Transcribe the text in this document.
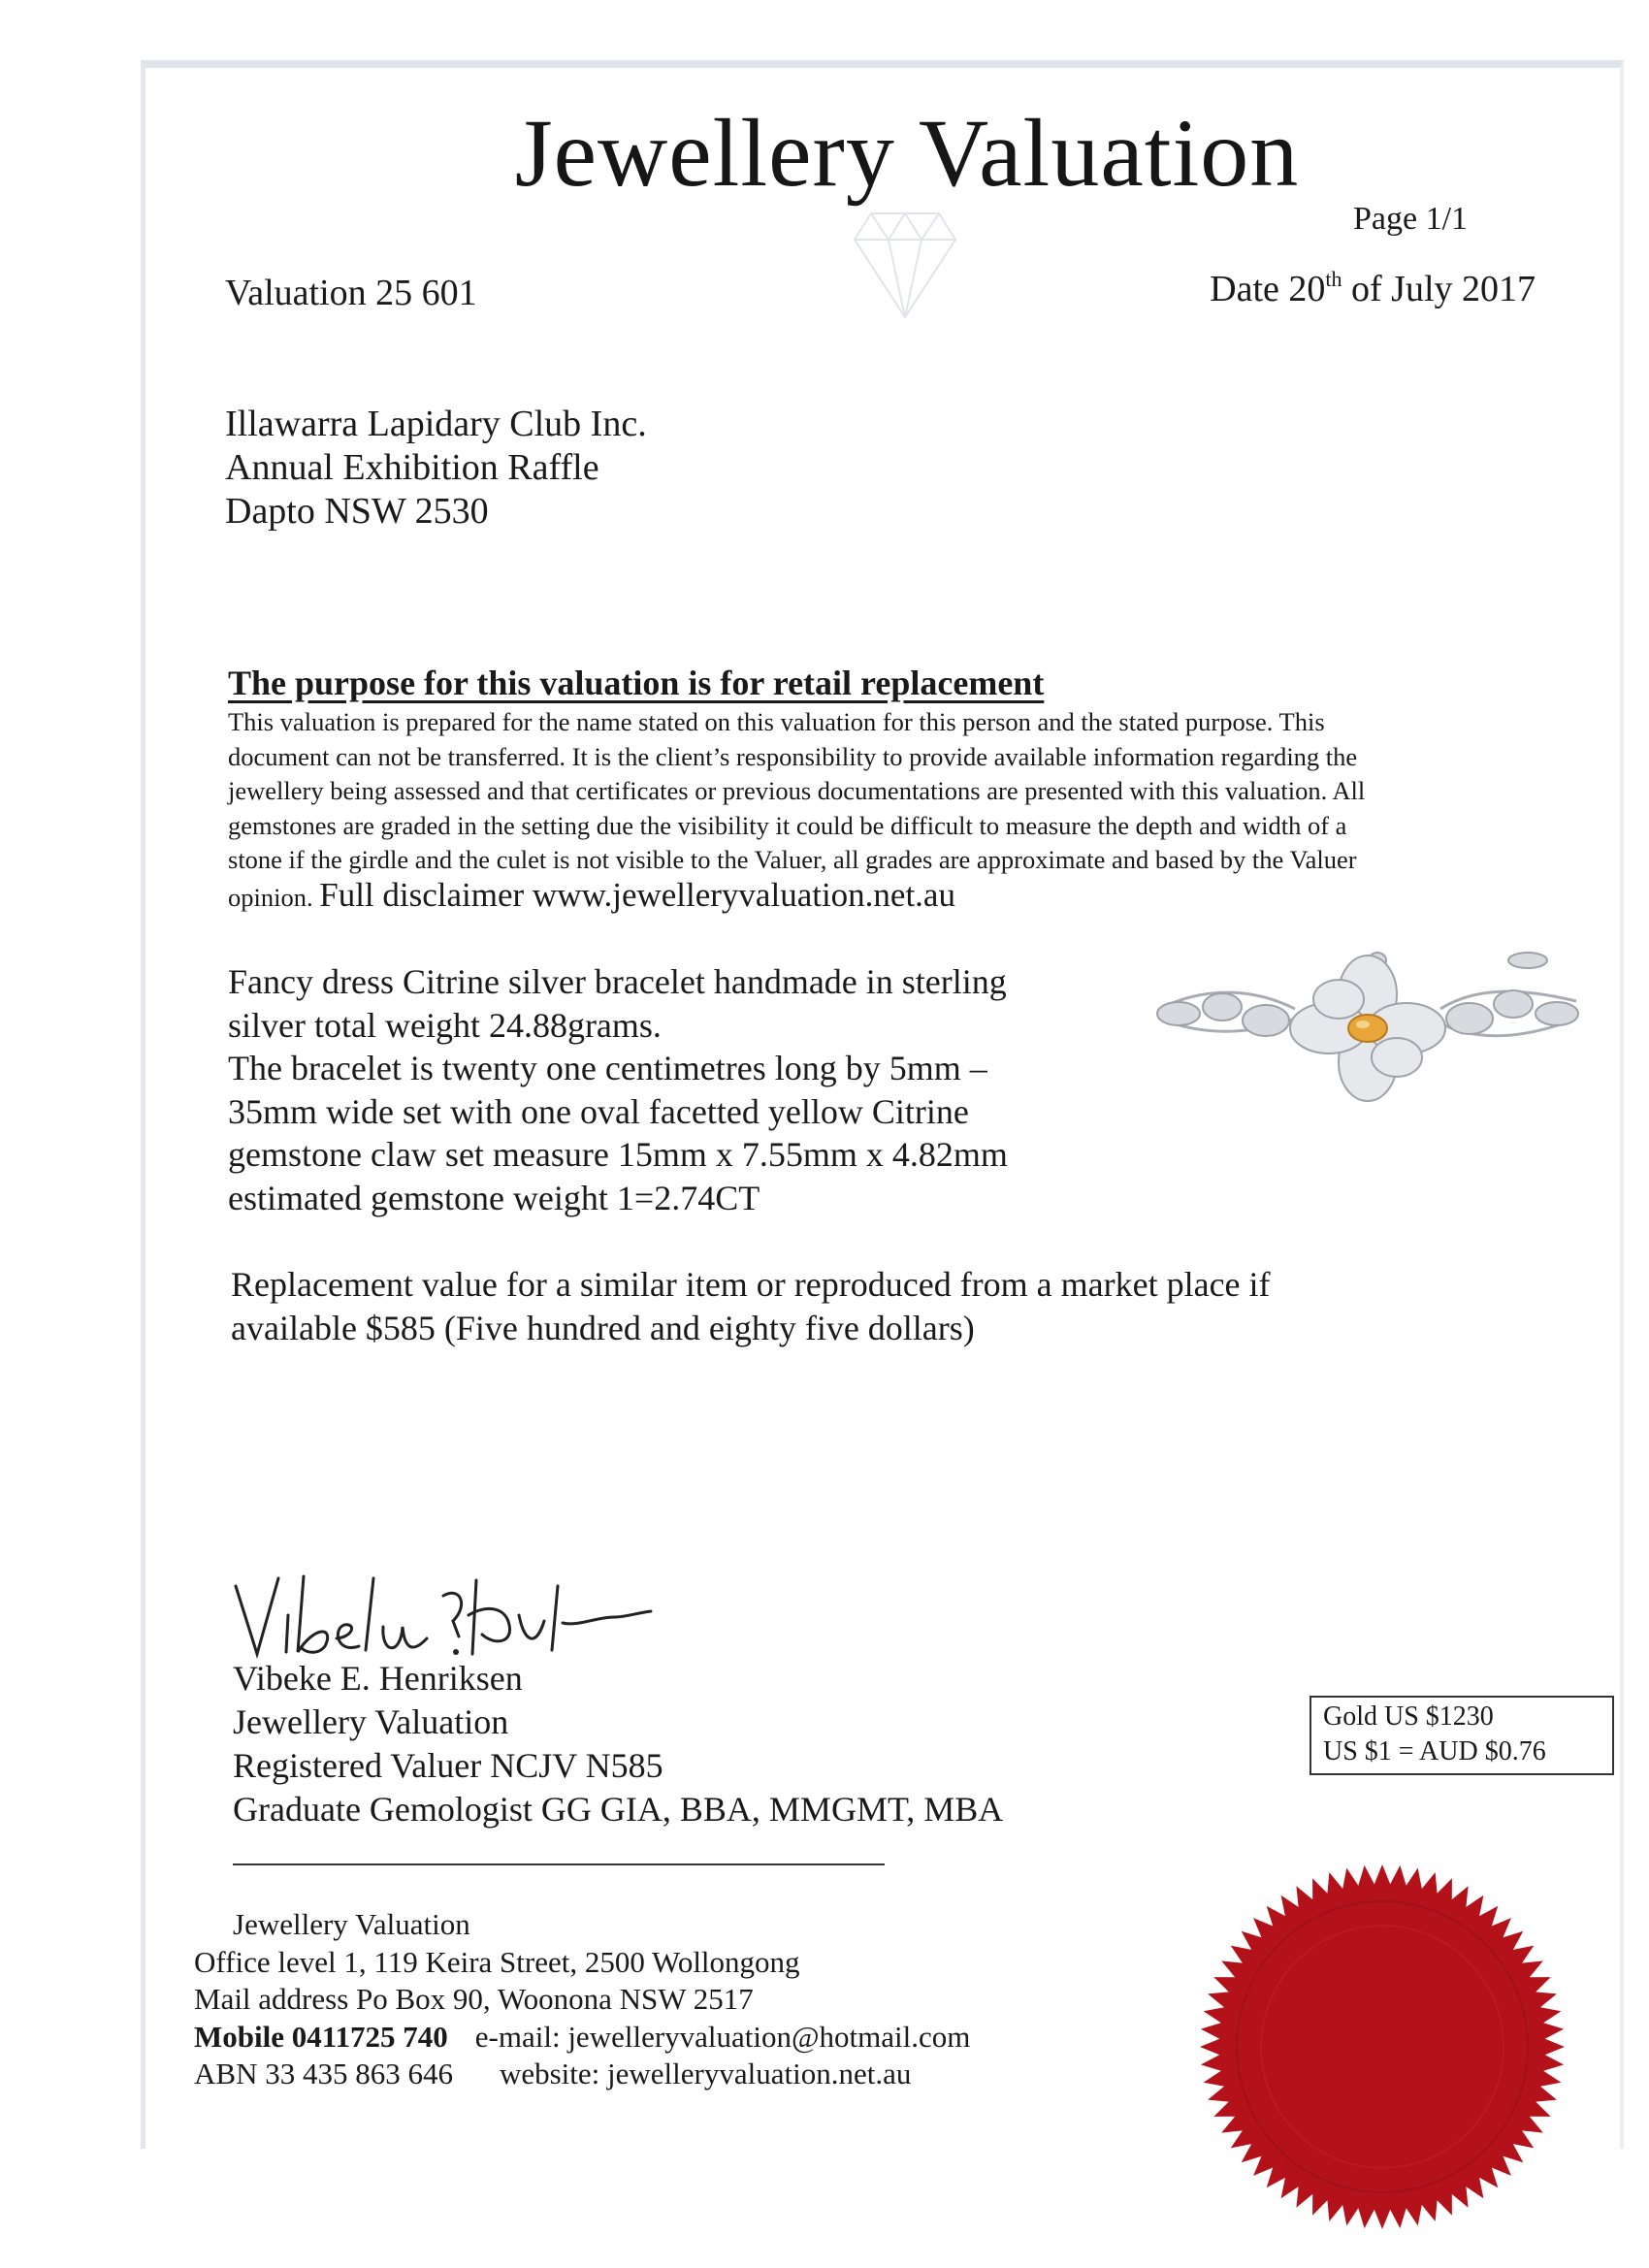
Jewellery Valuation
Page 1/1
Valuation 25 601	Date 20th of July 2017
Illawarra Lapidary Club Inc.
Annual Exhibition Raffle
Dapto NSW 2530
The purpose for this valuation is for retail replacement
This valuation is prepared for the name stated on this valuation for this person and the stated purpose. This
document can not be transferred. It is the client’s responsibility to provide available information regarding the
jewellery being assessed and that certificates or previous documentations are presented with this valuation. All
gemstones are graded in the setting due the visibility it could be difficult to measure the depth and width of a
stone if the girdle and the culet is not visible to the Valuer, all grades are approximate and based by the Valuer
opinion. Full disclaimer www.jewelleryvaluation.net.au
Fancy dress Citrine silver bracelet handmade in sterling
silver total weight 24.88grams.
The bracelet is twenty one centimetres long by 5mm –
35mm wide set with one oval facetted yellow Citrine
gemstone claw set measure 15mm x 7.55mm x 4.82mm
estimated gemstone weight 1=2.74CT
Replacement value for a similar item or reproduced from a market place if
available $585 (Five hundred and eighty five dollars)
Vibeke E. Henriksen
Jewellery Valuation
Registered Valuer NCJV N585
Graduate Gemologist GG GIA, BBA, MMGMT, MBA
Gold US $1230
US $1 = AUD $0.76
Jewellery Valuation
Office level 1, 119 Keira Street, 2500 Wollongong
Mail address Po Box 90, Woonona NSW 2517
Mobile 0411725 740 e-mail: jewelleryvaluation@hotmail.com
ABN 33 435 863 646 website: jewelleryvaluation.net.au
